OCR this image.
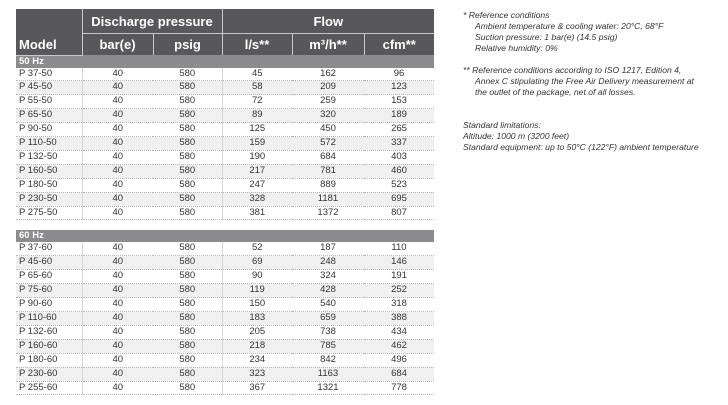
Model	Discharge pressure		Flow		
	bar(e)	psig	l/s**	m³/h**	cfm**
50 Hz					
P 37-50	40	580	45	162	96
P 45-50	40	580	58	209	123
P 55-50	40	580	72	259	153
P 65-50	40	580	89	320	189
P 90-50	40	580	125	450	265
P 110-50	40	580	159	572	337
P 132-50	40	580	190	684	403
P 160-50	40	580	217	781	460
P 180-50	40	580	247	889	523
P 230-50	40	580	328	1181	695
P 275-50	40	580	381	1372	807

60 Hz					
P 37-60	40	580	52	187	110
P 45-60	40	580	69	248	146
P 65-60	40	580	90	324	191
P 75-60	40	580	119	428	252
P 90-60	40	580	150	540	318
P 110-60	40	580	183	659	388
P 132-60	40	580	205	738	434
P 160-60	40	580	218	785	462
P 180-60	40	580	234	842	496
P 230-60	40	580	323	1163	684
P 255-60	40	580	367	1321	778
* Reference conditions
Ambient temperature & cooling water: 20°C, 68°F
Suction pressure: 1 bar(e) (14.5 psig)
Relative humidity: 0%
** Reference conditions according to ISO 1217, Edition 4,
Annex C stipulating the Free Air Delivery measurement at
the outlet of the package, net of all losses.
Standard limitations:
Altitude: 1000 m (3200 feet)
Standard equipment: up to 50°C (122°F) ambient temperature
